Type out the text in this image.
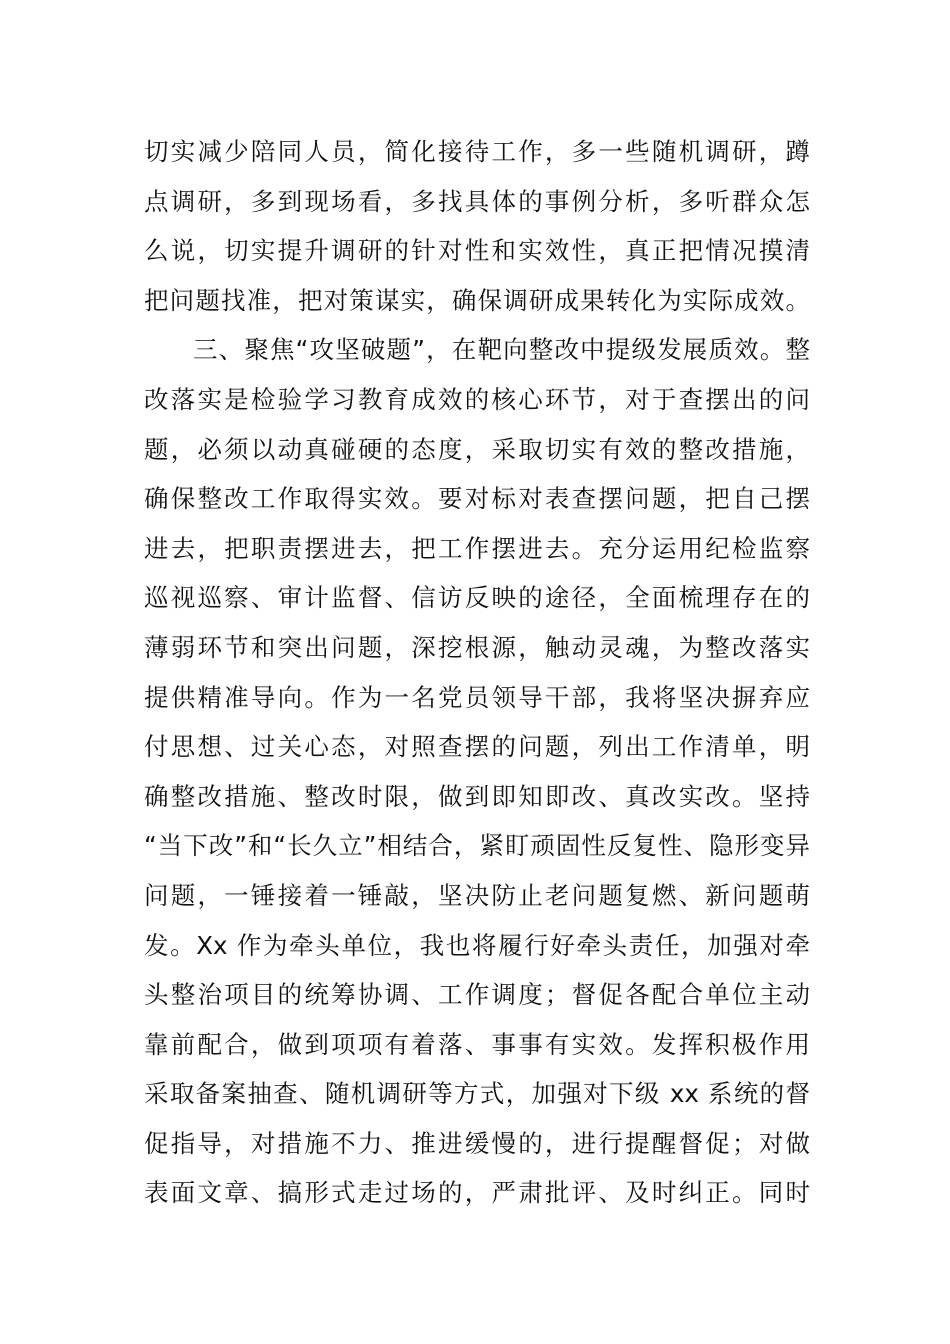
切实减少陪同人员，简化接待工作，多一些随机调研，蹲
点调研，多到现场看，多找具体的事例分析，多听群众怎
么说，切实提升调研的针对性和实效性，真正把情况摸清
把问题找准，把对策谋实，确保调研成果转化为实际成效。
三、聚焦“攻坚破题”，在靶向整改中提级发展质效。整
改落实是检验学习教育成效的核心环节，对于查摆出的问
题，必须以动真碰硬的态度，采取切实有效的整改措施，
确保整改工作取得实效。要对标对表查摆问题，把自己摆
进去，把职责摆进去，把工作摆进去。充分运用纪检监察
巡视巡察、审计监督、信访反映的途径，全面梳理存在的
薄弱环节和突出问题，深挖根源，触动灵魂，为整改落实
提供精准导向。作为一名党员领导干部，我将坚决摒弃应
付思想、过关心态，对照查摆的问题，列出工作清单，明
确整改措施、整改时限，做到即知即改、真改实改。坚持
“当下改”和“长久立”相结合，紧盯顽固性反复性、隐形变异
问题，一锤接着一锤敲，坚决防止老问题复燃、新问题萌
发。Xx 作为牵头单位，我也将履行好牵头责任，加强对牵
头整治项目的统筹协调、工作调度；督促各配合单位主动
靠前配合，做到项项有着落、事事有实效。发挥积极作用
采取备案抽查、随机调研等方式，加强对下级 xx 系统的督
促指导，对措施不力、推进缓慢的，进行提醒督促；对做
表面文章、搞形式走过场的，严肃批评、及时纠正。同时
